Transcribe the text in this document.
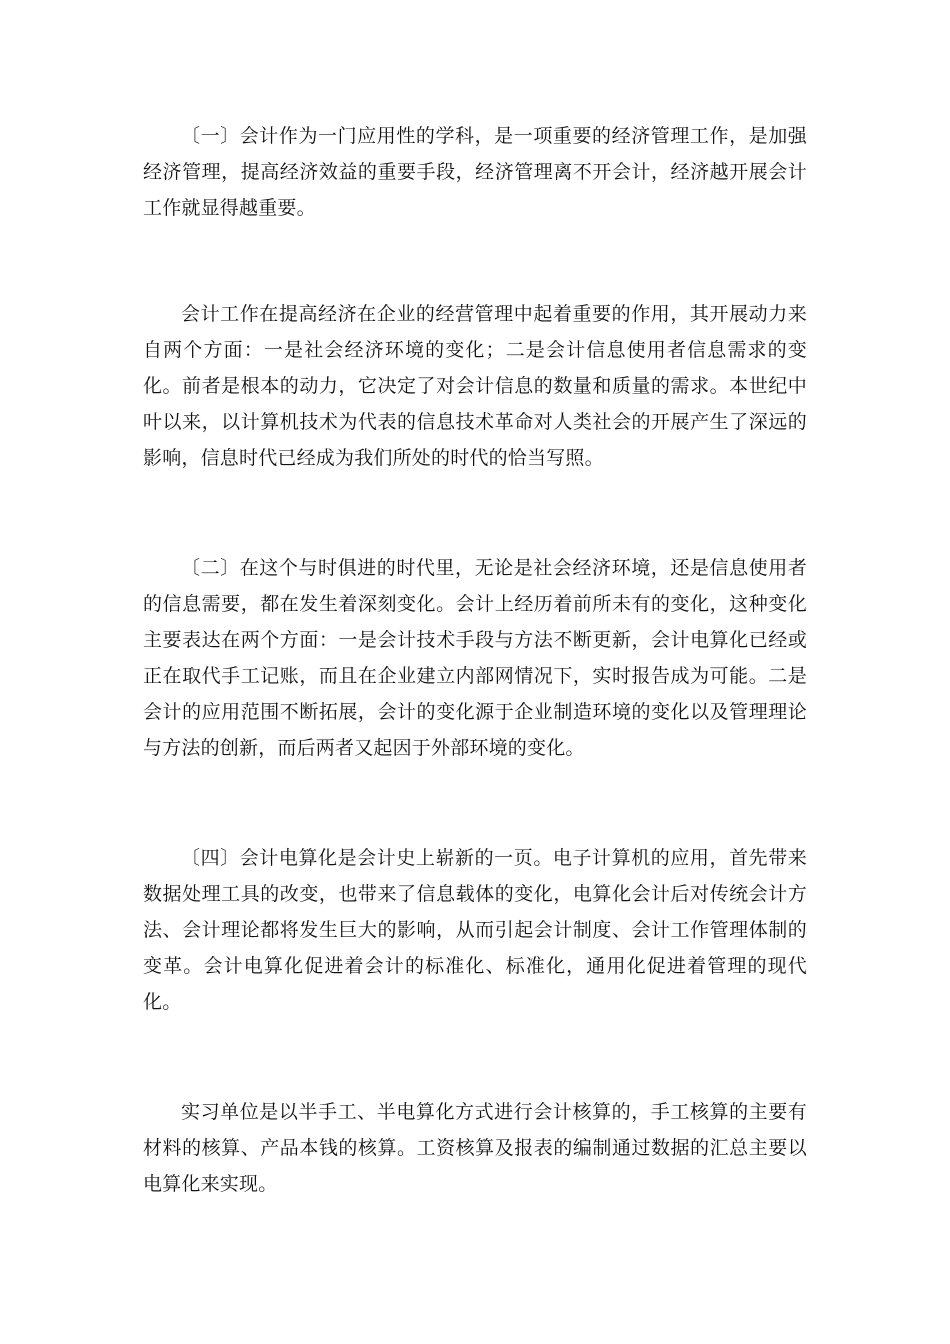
〔一〕会计作为一门应用性的学科，是一项重要的经济管理工作，是加强经济管理，提高经济效益的重要手段，经济管理离不开会计，经济越开展会计工作就显得越重要。

会计工作在提高经济在企业的经营管理中起着重要的作用，其开展动力来自两个方面：一是社会经济环境的变化；二是会计信息使用者信息需求的变化。前者是根本的动力，它决定了对会计信息的数量和质量的需求。本世纪中叶以来，以计算机技术为代表的信息技术革命对人类社会的开展产生了深远的影响，信息时代已经成为我们所处的时代的恰当写照。

〔二〕在这个与时俱进的时代里，无论是社会经济环境，还是信息使用者的信息需要，都在发生着深刻变化。会计上经历着前所未有的变化，这种变化主要表达在两个方面：一是会计技术手段与方法不断更新，会计电算化已经或正在取代手工记账，而且在企业建立内部网情况下，实时报告成为可能。二是会计的应用范围不断拓展，会计的变化源于企业制造环境的变化以及管理理论与方法的创新，而后两者又起因于外部环境的变化。

〔四〕会计电算化是会计史上崭新的一页。电子计算机的应用，首先带来数据处理工具的改变，也带来了信息载体的变化，电算化会计后对传统会计方法、会计理论都将发生巨大的影响，从而引起会计制度、会计工作管理体制的变革。会计电算化促进着会计的标准化、标准化，通用化促进着管理的现代化。

实习单位是以半手工、半电算化方式进行会计核算的，手工核算的主要有材料的核算、产品本钱的核算。工资核算及报表的编制通过数据的汇总主要以电算化来实现。
